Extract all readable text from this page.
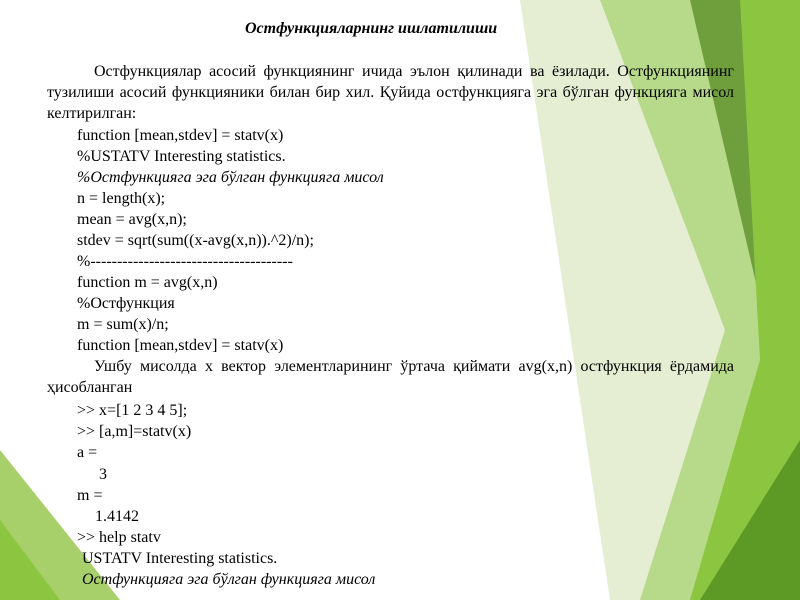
Остфункцияларнинг ишлатилиши
Остфункциялар асосий функциянинг ичида эълон қилинади ва ёзилади. Остфункциянинг тузилиши асосий функцияники билан бир хил. Қуйида остфункцияга эга бўлган функцияга мисол келтирилган:
function [mean,stdev] = statv(x)
%USTATV Interesting statistics.
%Остфункцияга эга бўлган функцияга мисол
n = length(x);
mean = avg(x,n);
stdev = sqrt(sum((x-avg(x,n)).^2)/n);
%--------------------------------------
function m = avg(x,n)
%Остфункция
m = sum(x)/n;
function [mean,stdev] = statv(x)
Ушбу мисолда x вектор элементларининг ўртача қиймати avg(x,n) остфункция ёрдамида ҳисобланган
>> x=[1 2 3 4 5];
>> [a,m]=statv(x)
a =
3
m =
1.4142
>> help statv
USTATV Interesting statistics.
Остфункцияга эга бўлган функцияга мисол
